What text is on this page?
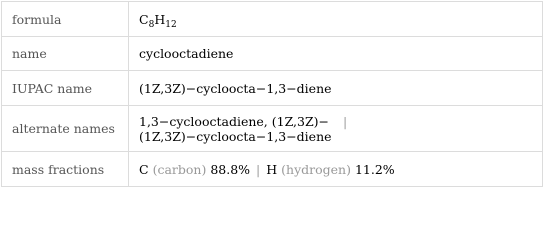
formula	$C_8H_{12}$
name	cyclooctadiene
IUPAC name	(1Z,3Z)−cycloocta−1,3−diene
alternate names	1,3−cyclooctadiene, (1Z,3Z)− |
(1Z,3Z)−cycloocta−1,3−diene

mass fractions	C (carbon) 88.8% | H (hydrogen) 11.2%
